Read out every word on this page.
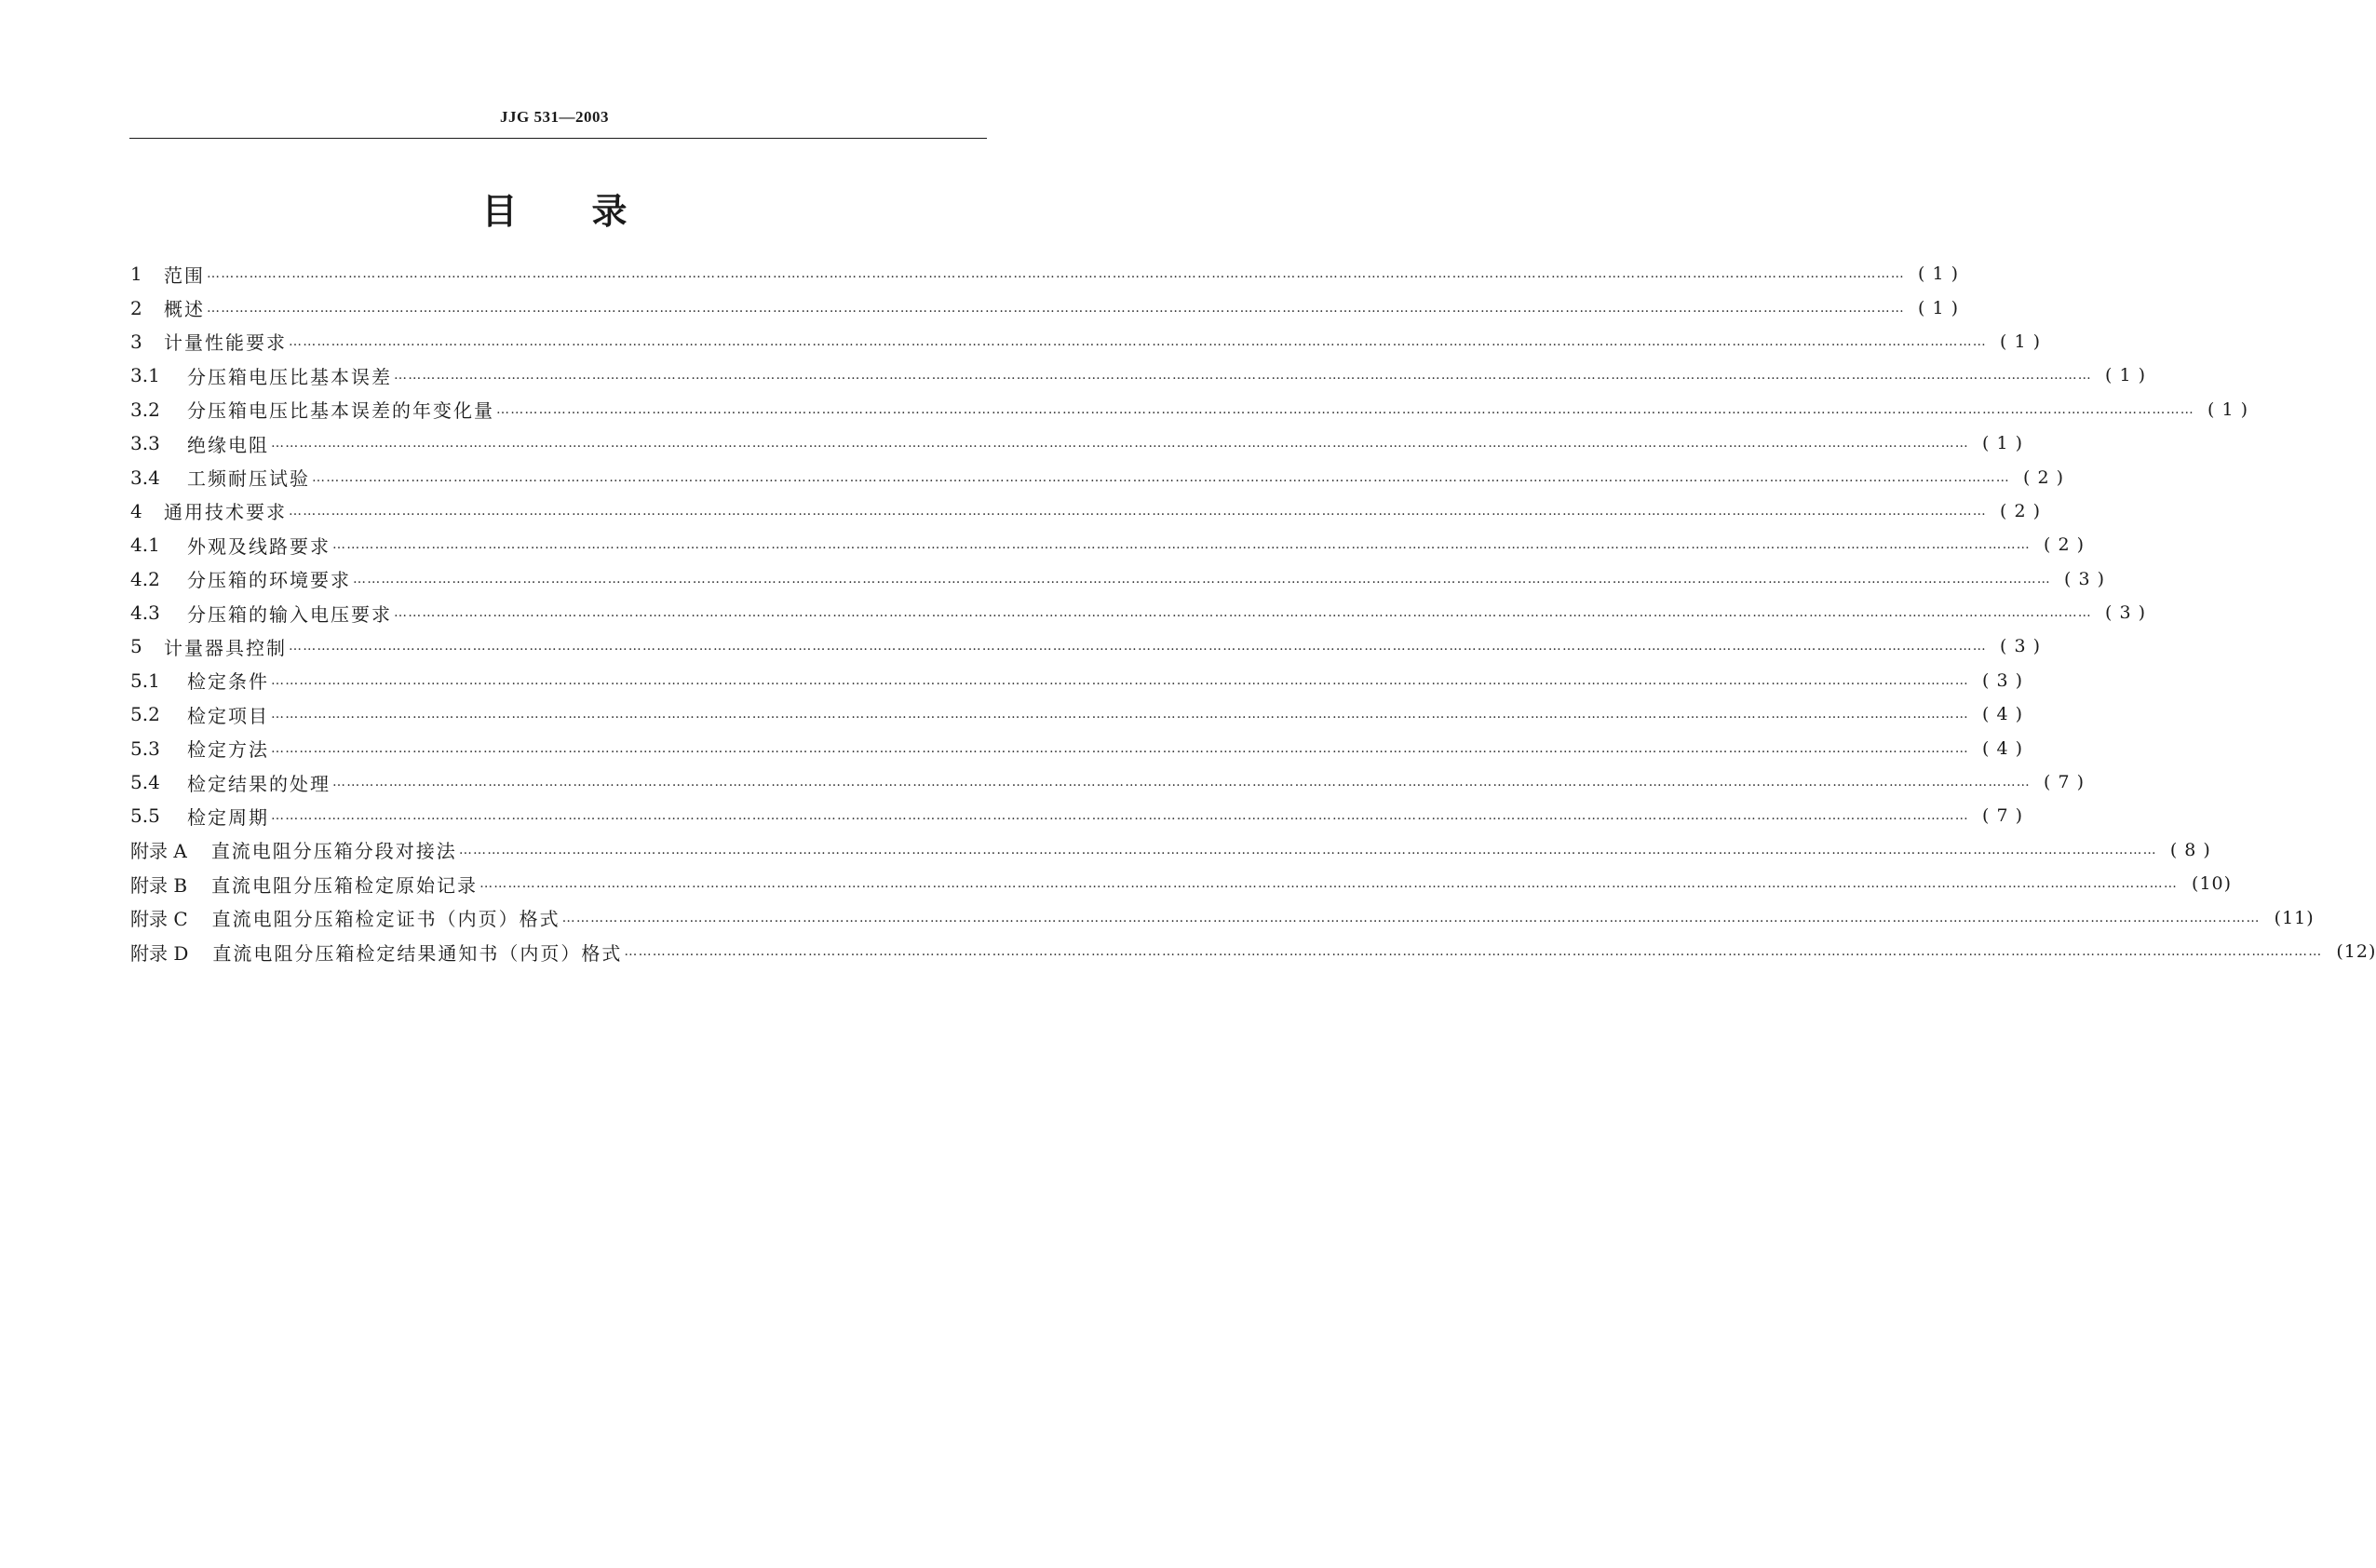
JJG 531—2003
目 录
1	范围 ……………………………………………………………………………………………………………………………………………………………………………………………………………………………………………………………………………………………………………………………… ( 1 )
2	概述 ……………………………………………………………………………………………………………………………………………………………………………………………………………………………………………………………………………………………………………………………… ( 1 )
3	计量性能要求 ……………………………………………………………………………………………………………………………………………………………………………………………………………………………………………………………………………………………………………………………… ( 1 )
3.1	分压箱电压比基本误差 ……………………………………………………………………………………………………………………………………………………………………………………………………………………………………………………………………………………………………………………………… ( 1 )
3.2	分压箱电压比基本误差的年变化量 ……………………………………………………………………………………………………………………………………………………………………………………………………………………………………………………………………………………………………………………………… ( 1 )
3.3	绝缘电阻 ……………………………………………………………………………………………………………………………………………………………………………………………………………………………………………………………………………………………………………………………… ( 1 )
3.4	工频耐压试验 ……………………………………………………………………………………………………………………………………………………………………………………………………………………………………………………………………………………………………………………………… ( 2 )
4	通用技术要求 ……………………………………………………………………………………………………………………………………………………………………………………………………………………………………………………………………………………………………………………………… ( 2 )
4.1	外观及线路要求 ……………………………………………………………………………………………………………………………………………………………………………………………………………………………………………………………………………………………………………………………… ( 2 )
4.2	分压箱的环境要求 ……………………………………………………………………………………………………………………………………………………………………………………………………………………………………………………………………………………………………………………………… ( 3 )
4.3	分压箱的输入电压要求 ……………………………………………………………………………………………………………………………………………………………………………………………………………………………………………………………………………………………………………………………… ( 3 )
5	计量器具控制 ……………………………………………………………………………………………………………………………………………………………………………………………………………………………………………………………………………………………………………………………… ( 3 )
5.1	检定条件 ……………………………………………………………………………………………………………………………………………………………………………………………………………………………………………………………………………………………………………………………… ( 3 )
5.2	检定项目 ……………………………………………………………………………………………………………………………………………………………………………………………………………………………………………………………………………………………………………………………… ( 4 )
5.3	检定方法 ……………………………………………………………………………………………………………………………………………………………………………………………………………………………………………………………………………………………………………………………… ( 4 )
5.4	检定结果的处理 ……………………………………………………………………………………………………………………………………………………………………………………………………………………………………………………………………………………………………………………………… ( 7 )
5.5	检定周期 ……………………………………………………………………………………………………………………………………………………………………………………………………………………………………………………………………………………………………………………………… ( 7 )
附录 A 直流电阻分压箱分段对接法 ……………………………………………………………………………………………………………………………………………………………………………………………………………………………………………………………………………………………………………………………… ( 8 )
附录 B 直流电阻分压箱检定原始记录 ……………………………………………………………………………………………………………………………………………………………………………………………………………………………………………………………………………………………………………………………… (10)
附录 C 直流电阻分压箱检定证书（内页）格式 ……………………………………………………………………………………………………………………………………………………………………………………………………………………………………………………………………………………………………………………………… (11)
附录 D 直流电阻分压箱检定结果通知书（内页）格式 ……………………………………………………………………………………………………………………………………………………………………………………………………………………………………………………………………………………………………………………………… (12)
